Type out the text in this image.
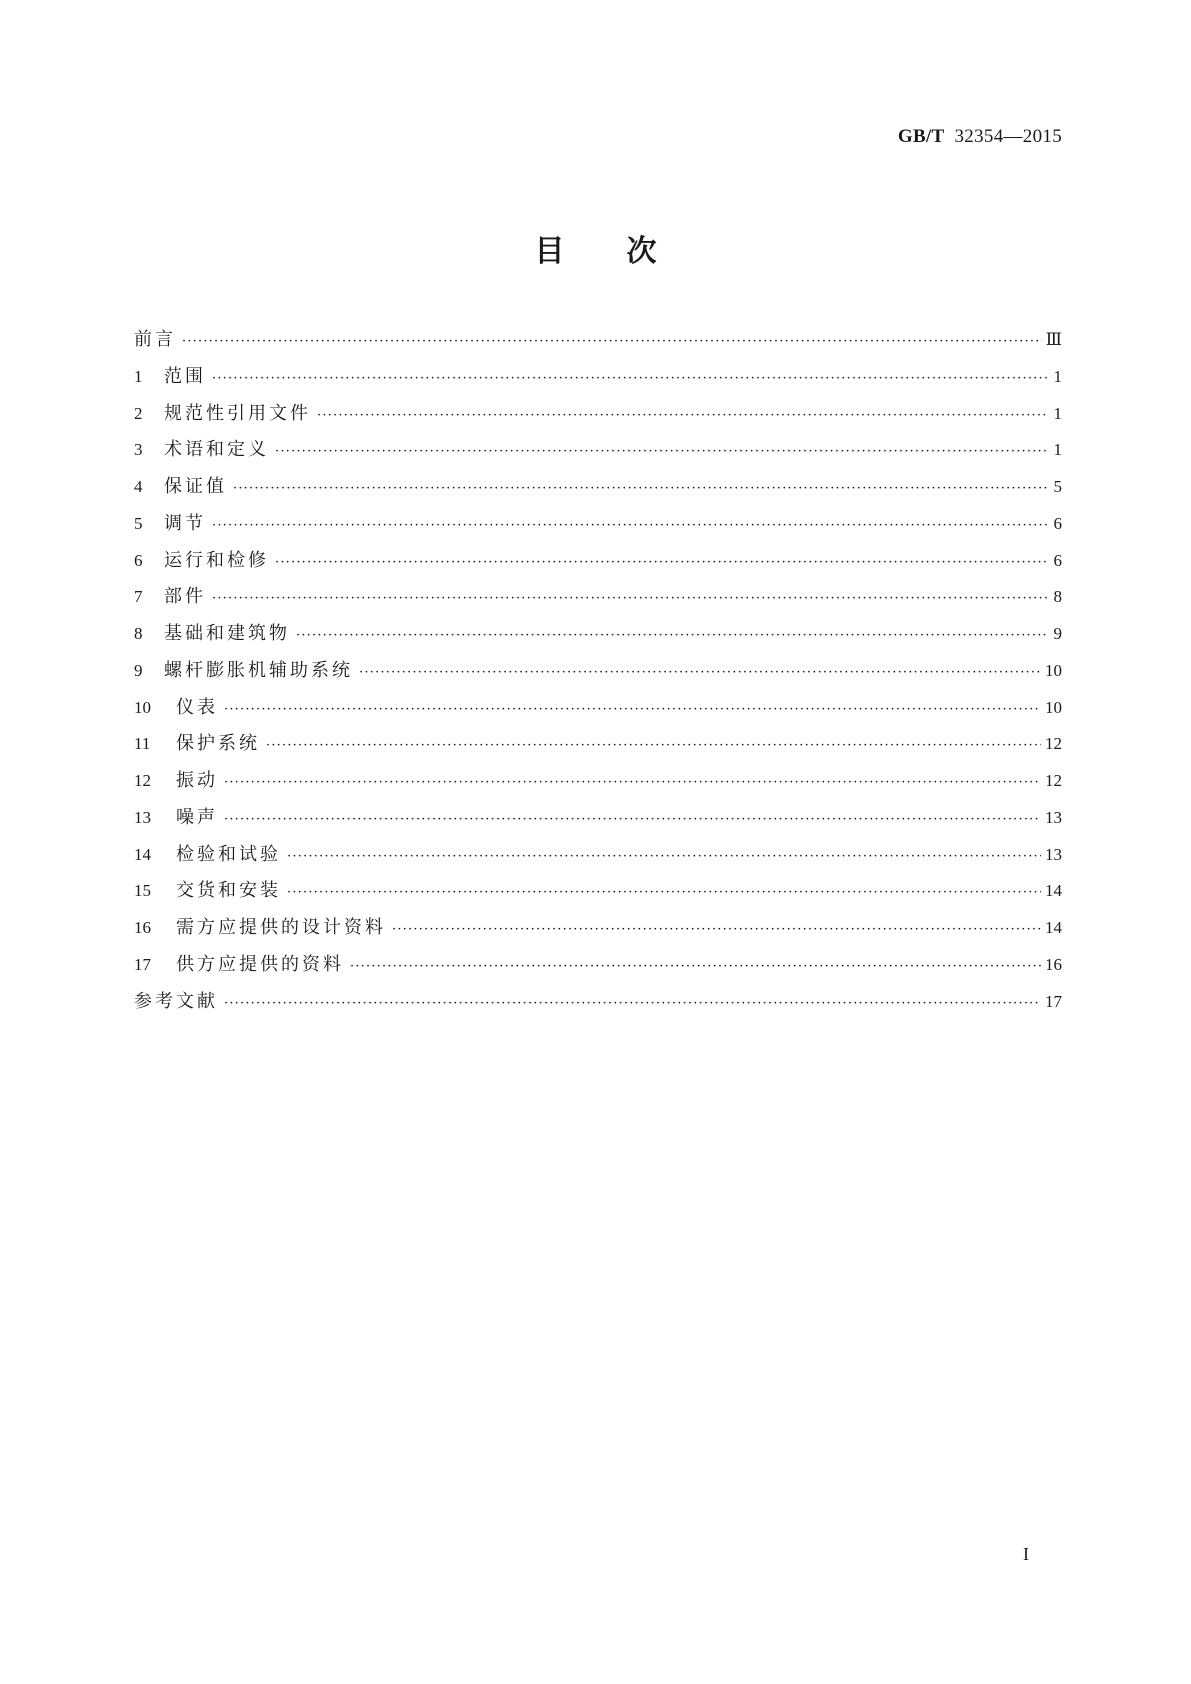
GB/T 32354—2015
目次
前言 ·····	Ⅲ
1	范围 ·····	1
2	规范性引用文件 ·····	1
3	术语和定义 ·····	1
4	保证值 ·····	5
5	调节 ·····	6
6	运行和检修 ·····	6
7	部件 ·····	8
8	基础和建筑物 ·····	9
9	螺杆膨胀机辅助系统 ·····	10
10	仪表 ·····	10
11	保护系统 ·····	12
12	振动 ·····	12
13	噪声 ·····	13
14	检验和试验 ·····	13
15	交货和安装 ·····	14
16	需方应提供的设计资料 ·····	14
17	供方应提供的资料 ·····	16
参考文献 ·····	17
I
